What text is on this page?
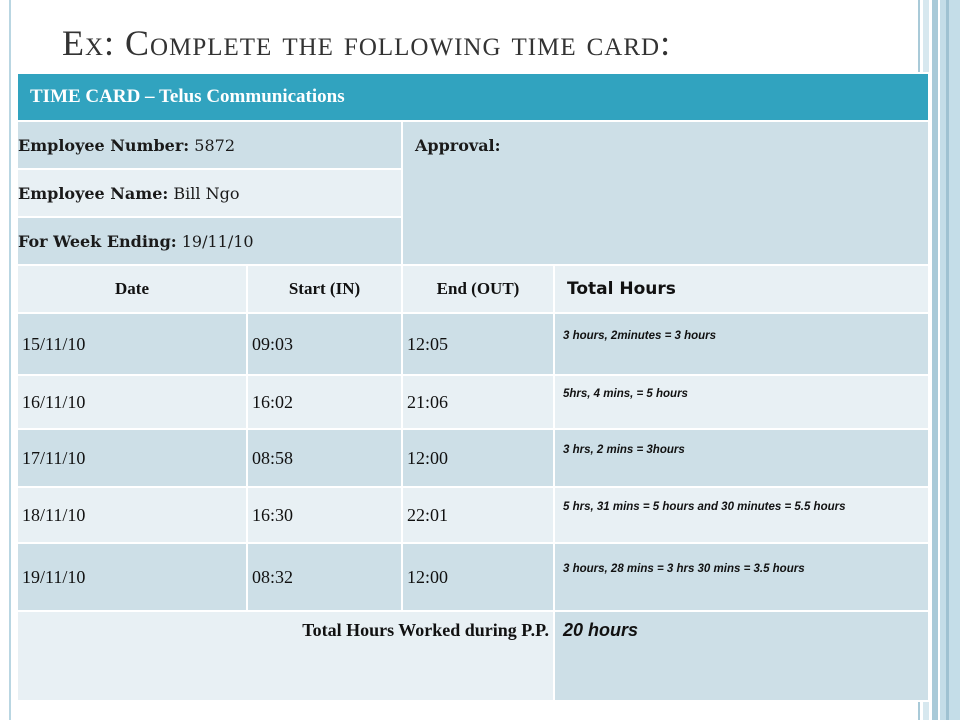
Ex: Complete the following time card:
TIME CARD – Telus Communications			
Employee Number: 5872		Approval:	
Employee Name: Bill Ngo			
For Week Ending: 19/11/10			
Date	Start (IN)	End (OUT)	Total Hours
15/11/10	09:03	12:05	3 hours, 2minutes = 3 hours
16/11/10	16:02	21:06	5hrs, 4 mins, = 5 hours
17/11/10	08:58	12:00	3 hrs, 2 mins = 3hours
18/11/10	16:30	22:01	5 hrs, 31 mins = 5 hours and 30 minutes = 5.5 hours
19/11/10	08:32	12:00	3 hours, 28 mins = 3 hrs 30 mins = 3.5 hours
Total Hours Worked during P.P.			20 hours
